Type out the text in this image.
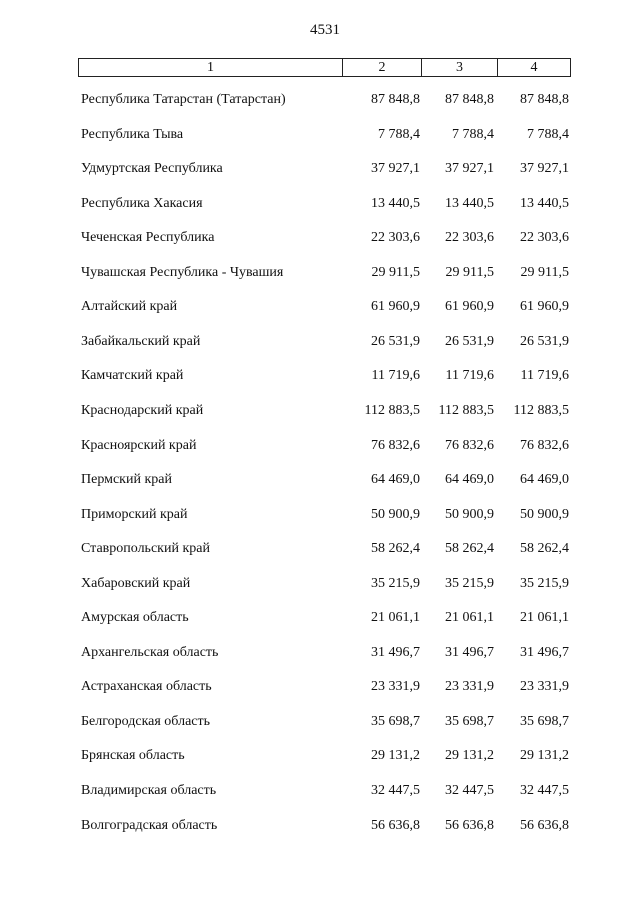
4531
1	2	3	4
Республика Татарстан (Татарстан)	87 848,8	87 848,8	87 848,8
Республика Тыва	7 788,4	7 788,4	7 788,4
Удмуртская Республика	37 927,1	37 927,1	37 927,1
Республика Хакасия	13 440,5	13 440,5	13 440,5
Чеченская Республика	22 303,6	22 303,6	22 303,6
Чувашская Республика - Чувашия	29 911,5	29 911,5	29 911,5
Алтайский край	61 960,9	61 960,9	61 960,9
Забайкальский край	26 531,9	26 531,9	26 531,9
Камчатский край	11 719,6	11 719,6	11 719,6
Краснодарский край	112 883,5	112 883,5	112 883,5
Красноярский край	76 832,6	76 832,6	76 832,6
Пермский край	64 469,0	64 469,0	64 469,0
Приморский край	50 900,9	50 900,9	50 900,9
Ставропольский край	58 262,4	58 262,4	58 262,4
Хабаровский край	35 215,9	35 215,9	35 215,9
Амурская область	21 061,1	21 061,1	21 061,1
Архангельская область	31 496,7	31 496,7	31 496,7
Астраханская область	23 331,9	23 331,9	23 331,9
Белгородская область	35 698,7	35 698,7	35 698,7
Брянская область	29 131,2	29 131,2	29 131,2
Владимирская область	32 447,5	32 447,5	32 447,5
Волгоградская область	56 636,8	56 636,8	56 636,8
